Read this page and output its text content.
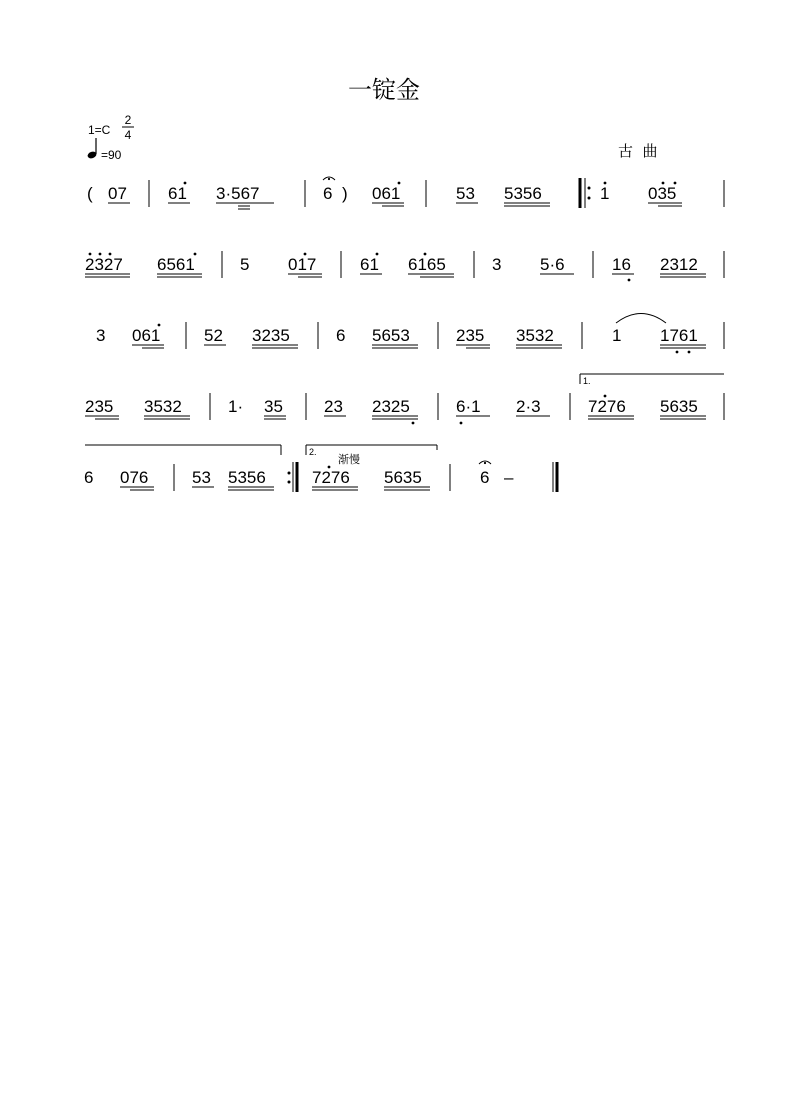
一锭金
1=C
2
4
=90	古  曲
( 07 61 3·567	6 ) 061	53 5356	1 035
2327 6561	5 017	61 6165	3 5·6	16 2312
3 061	52 3235	6 5653	235 3532	1 1761
235 3532	1· 35 23 2325	6·1 2·3
1.
7276 5635
6 076	53 5356
2.
渐慢
7276 5635	6 –
